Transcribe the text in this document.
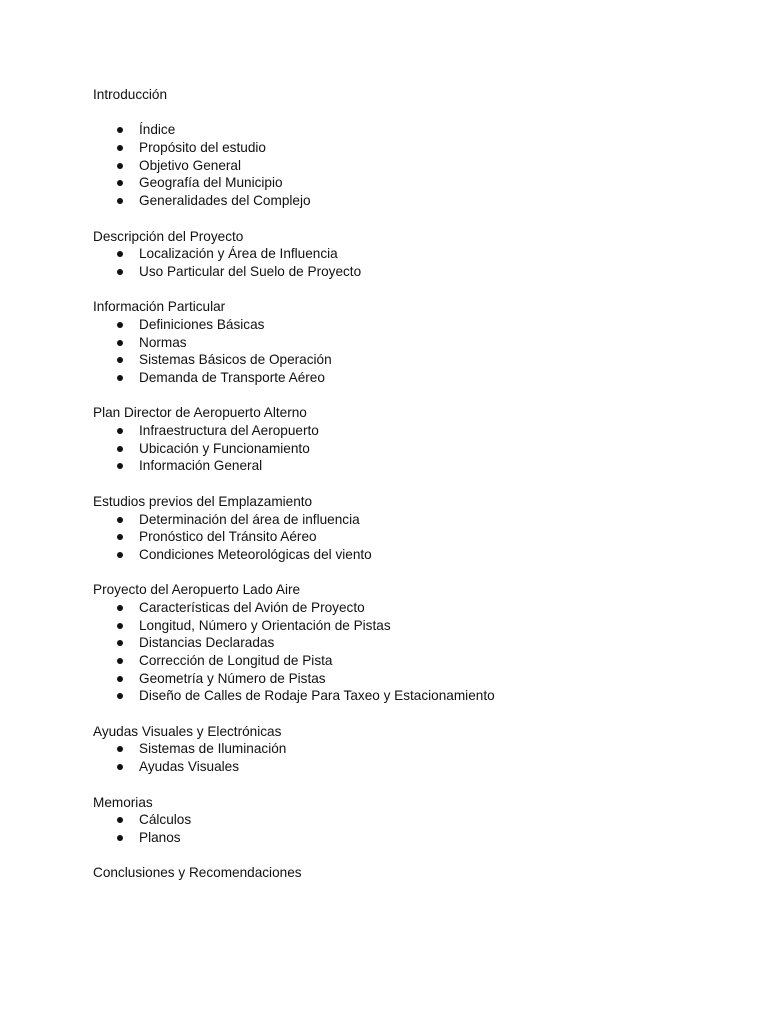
Introducción
Índice
Propósito del estudio
Objetivo General
Geografía del Municipio
Generalidades del Complejo
Descripción del Proyecto
Localización y Área de Influencia
Uso Particular del Suelo de Proyecto
Información Particular
Definiciones Básicas
Normas
Sistemas Básicos de Operación
Demanda de Transporte Aéreo
Plan Director de Aeropuerto Alterno
Infraestructura del Aeropuerto
Ubicación y Funcionamiento
Información General
Estudios previos del Emplazamiento
Determinación del área de influencia
Pronóstico del Tránsito Aéreo
Condiciones Meteorológicas del viento
Proyecto del Aeropuerto Lado Aire
Características del Avión de Proyecto
Longitud, Número y Orientación de Pistas
Distancias Declaradas
Corrección de Longitud de Pista
Geometría y Número de Pistas
Diseño de Calles de Rodaje Para Taxeo y Estacionamiento
Ayudas Visuales y Electrónicas
Sistemas de Iluminación
Ayudas Visuales
Memorias
Cálculos
Planos
Conclusiones y Recomendaciones
